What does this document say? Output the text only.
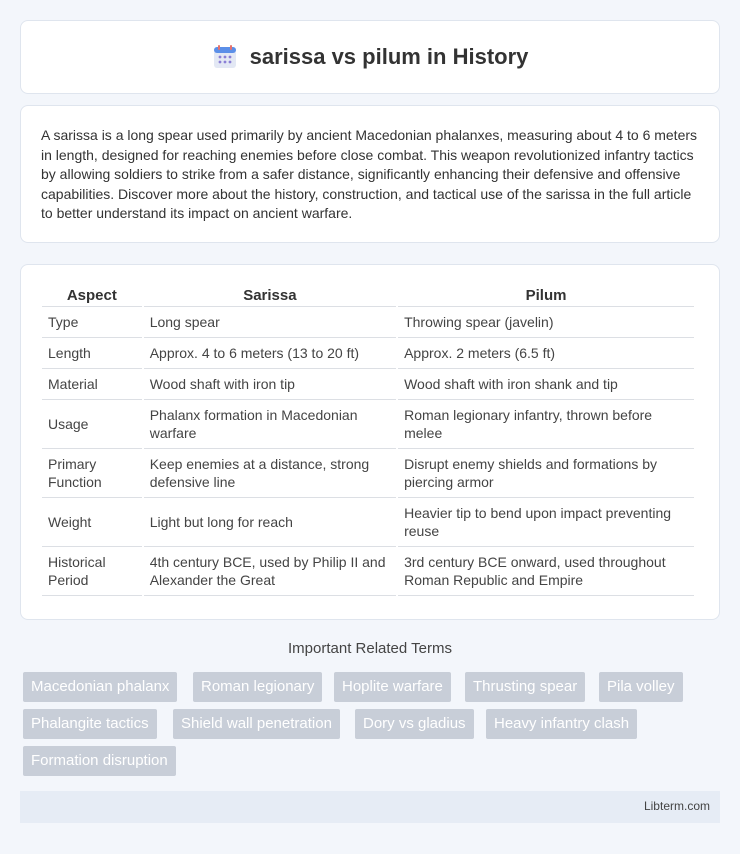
sarissa vs pilum in History

A sarissa is a long spear used primarily by ancient Macedonian phalanxes, measuring about 4 to 6 meters in length, designed for reaching enemies before close combat. This weapon revolutionized infantry tactics by allowing soldiers to strike from a safer distance, significantly enhancing their defensive and offensive capabilities. Discover more about the history, construction, and tactical use of the sarissa in the full article to better understand its impact on ancient warfare.

Aspect	Sarissa	Pilum
Type	Long spear	Throwing spear (javelin)
Length	Approx. 4 to 6 meters (13 to 20 ft)	Approx. 2 meters (6.5 ft)
Material	Wood shaft with iron tip	Wood shaft with iron shank and tip
Usage	Phalanx formation in Macedonian warfare	Roman legionary infantry, thrown before melee
Primary Function	Keep enemies at a distance, strong defensive line	Disrupt enemy shields and formations by piercing armor
Weight	Light but long for reach	Heavier tip to bend upon impact preventing reuse
Historical Period	4th century BCE, used by Philip II and Alexander the Great	3rd century BCE onward, used throughout Roman Republic and Empire
Important Related Terms
Macedonian phalanx	Roman legionary	Hoplite warfare	Thrusting spear	Pila volley
Phalangite tactics	Shield wall penetration	Dory vs gladius	Heavy infantry clash
Formation disruption
Libterm.com
